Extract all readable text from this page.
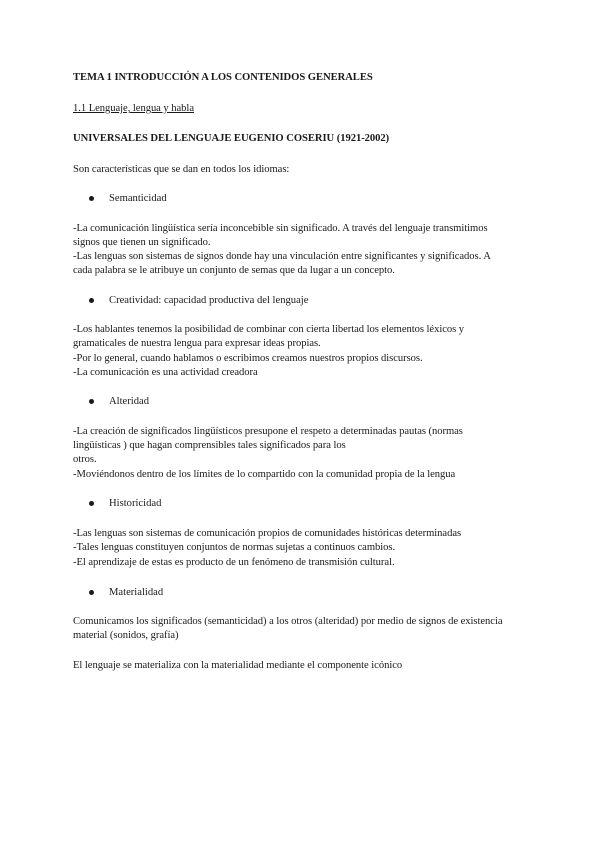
TEMA 1 INTRODUCCIÓN A LOS CONTENIDOS GENERALES
1.1 Lenguaje, lengua y habla
UNIVERSALES DEL LENGUAJE EUGENIO COSERIU (1921-2002)
Son características que se dan en todos los idiomas:
Semanticidad
-La comunicación lingüística sería inconcebible sin significado. A través del lenguaje transmitimos
signos que tienen un significado.
-Las lenguas son sistemas de signos donde hay una vinculación entre significantes y significados. A
cada palabra se le atribuye un conjunto de semas que da lugar a un concepto.
Creatividad: capacidad productiva del lenguaje
-Los hablantes tenemos la posibilidad de combinar con cierta libertad los elementos léxicos y
gramaticales de nuestra lengua para expresar ideas propias.
-Por lo general, cuando hablamos o escribimos creamos nuestros propios discursos.
-La comunicación es una actividad creadora
Alteridad
-La creación de significados lingüísticos presupone el respeto a determinadas pautas (normas
lingüísticas ) que hagan comprensibles tales significados para los
otros.
-Moviéndonos dentro de los límites de lo compartido con la comunidad propia de la lengua
Historicidad
-Las lenguas son sistemas de comunicación propios de comunidades históricas determinadas
-Tales lenguas constituyen conjuntos de normas sujetas a continuos cambios.
-El aprendizaje de estas es producto de un fenómeno de transmisión cultural.
Materialidad
Comunicamos los significados (semanticidad) a los otros (alteridad) por medio de signos de existencia
material (sonidos, grafía)
El lenguaje se materializa con la materialidad mediante el componente icónico
